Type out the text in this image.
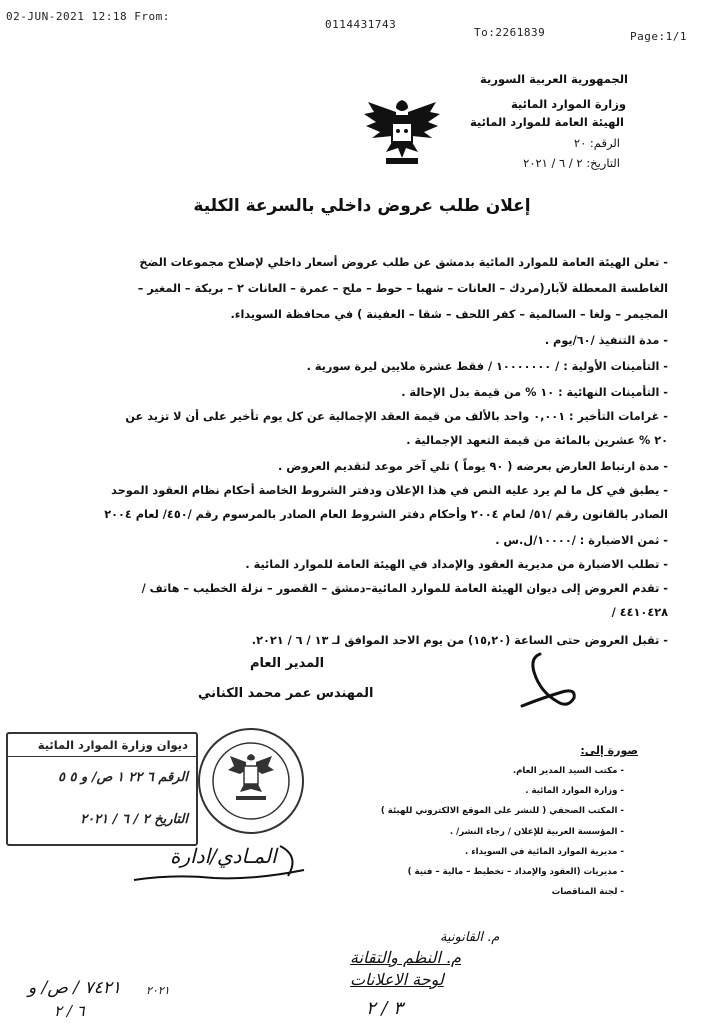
02-JUN-2021 12:18 From:
0114431743
To:2261839	Page:1/1
الجمهورية العربية السورية
وزارة الموارد المائية
الهيئة العامة للموارد المائية
الرقم: ٢٠
التاريخ: ٢ / ٦ / ٢٠٢١
إعلان طلب عروض داخلي بالسرعة الكلية
- تعلن الهيئة العامة للموارد المائية بدمشق عن طلب عروض أسعار داخلي لإصلاح مجموعات الضخ
الغاطسة المعطلة لآبار(مردك – العانات – شهبا – حوط – ملح – عمرة – العانات ٢ – بريكة – المغير –
المجيمر – ولغا – السالمية – كفر اللحف – شقا – العفينة ) في محافظة السويداء.
- مدة التنفيذ /٦٠/يوم .
- التأمينات الأولية : / ١٠٠٠٠٠٠٠ / فقط عشرة ملايين ليرة سورية .
- التأمينات النهائية : ١٠ % من قيمة بدل الإحالة .
- غرامات التأخير : ٠,٠٠١ واحد بالألف من قيمة العقد الإجمالية عن كل يوم تأخير على أن لا تزيد عن
٢٠ % عشرين بالمائة من قيمة التعهد الإجمالية .
- مدة ارتباط العارض بعرضه ( ٩٠ يوماً ) تلي آخر موعد لتقديم العروض .
- يطبق في كل ما لم يرد عليه النص في هذا الإعلان ودفتر الشروط الخاصة أحكام نظام العقود الموحد
الصادر بالقانون رقم /٥١/ لعام ٢٠٠٤ وأحكام دفتر الشروط العام الصادر بالمرسوم رقم /٤٥٠/ لعام ٢٠٠٤
- ثمن الاضبارة : /١٠٠٠٠/ل.س .
- تطلب الاضبارة من مديرية العقود والإمداد في الهيئة العامة للموارد المائية .
- تقدم العروض إلى ديوان الهيئة العامة للموارد المائية–دمشق – القصور – نزلة الخطيب – هاتف /
٤٤١٠٤٢٨ /
- تقبل العروض حتى الساعة (١٥,٢٠) من يوم الاحد الموافق لـ ١٣ / ٦ / ٢٠٢١.
المدير العام
المهندس عمر محمد الكناني
ديوان وزارة الموارد المائية
الرقم ٦ ٢٢ ١ ص/ و ٥ ٥
التاريخ ٢ / ٦ / ٢٠٢١
صورة إلى:
- مكتب السيد المدير العام.
- وزارة الموارد المائية .
- المكتب الصحفي ( للنشر على الموقع الالكتروني للهيئة )
- المؤسسة العربية للإعلان / رجاء النشر/ .
- مديرية الموارد المائية في السويداء .
- مديريات (العقود والإمداد – تخطيط – مالية – فنية )
- لجنة المناقصات
المـادي/ادارة
م. القانونية
م. النظم والتقانة
لوحة الاعلانات
٧٤٢١ / ص/ و
٦ / ٢
٢٠٢١
٣ / ٢
